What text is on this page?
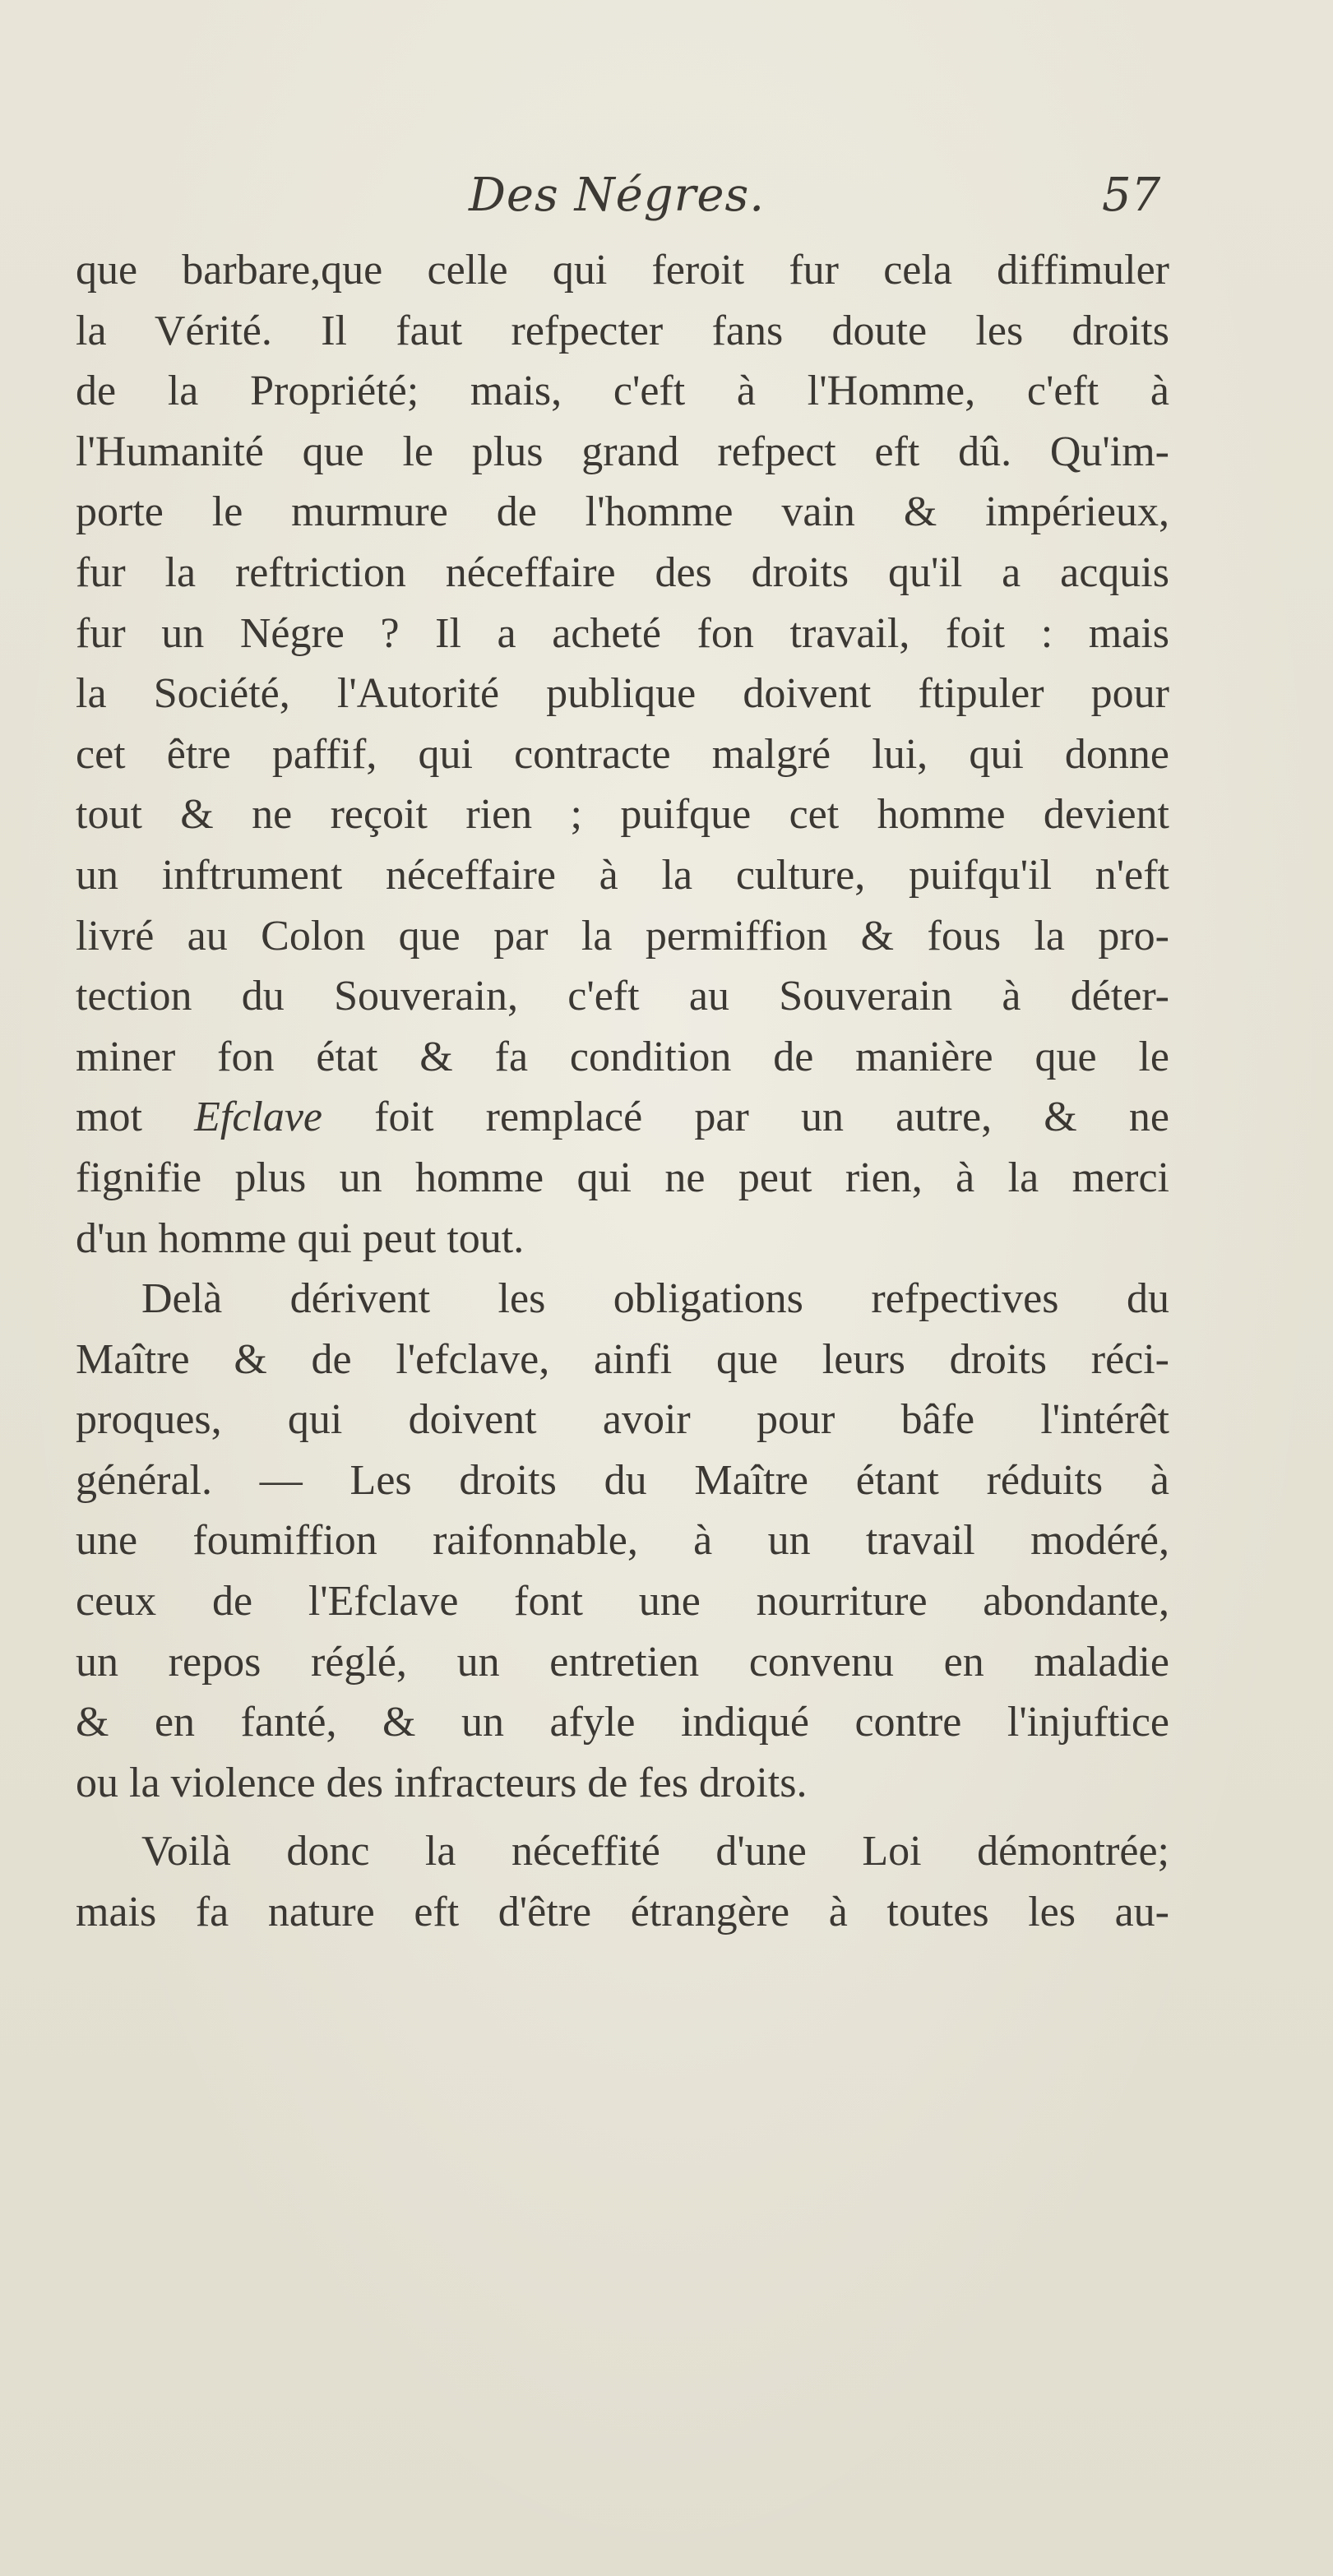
Des Négres.	57
que barbare,que celle qui feroit fur cela diffimuler
la Vérité. Il faut refpecter fans doute les droits
de la Propriété; mais, c'eft à l'Homme, c'eft à
l'Humanité que le plus grand refpect eft dû. Qu'im-
porte le murmure de l'homme vain & impérieux,
fur la reftriction néceffaire des droits qu'il a acquis
fur un Négre ? Il a acheté fon travail, foit : mais
la Société, l'Autorité publique doivent ftipuler pour
cet être paffif, qui contracte malgré lui, qui donne
tout & ne reçoit rien ; puifque cet homme devient
un inftrument néceffaire à la culture, puifqu'il n'eft
livré au Colon que par la permiffion & fous la pro-
tection du Souverain, c'eft au Souverain à déter-
miner fon état & fa condition de manière que le
mot Efclave foit remplacé par un autre, & ne
fignifie plus un homme qui ne peut rien, à la merci
d'un homme qui peut tout.
Delà dérivent les obligations refpectives du
Maître & de l'efclave, ainfi que leurs droits réci-
proques, qui doivent avoir pour bâfe l'intérêt
général. — Les droits du Maître étant réduits à
une foumiffion raifonnable, à un travail modéré,
ceux de l'Efclave font une nourriture abondante,
un repos réglé, un entretien convenu en maladie
& en fanté, & un afyle indiqué contre l'injuftice
ou la violence des infracteurs de fes droits.
Voilà donc la néceffité d'une Loi démontrée;
mais fa nature eft d'être étrangère à toutes les au-
